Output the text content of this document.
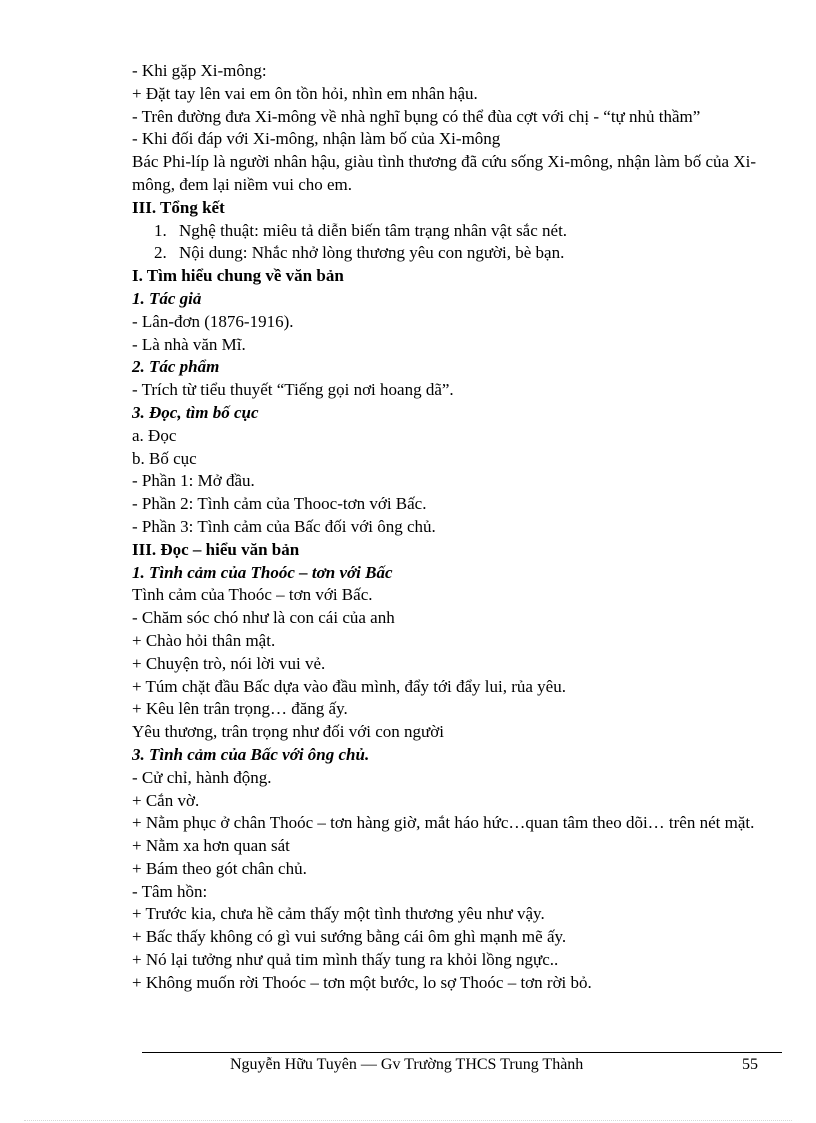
- Khi gặp Xi-mông:
+ Đặt tay lên vai em ôn tồn hỏi, nhìn em nhân hậu.
- Trên đường đưa Xi-mông về nhà nghĩ bụng có thể đùa cợt với chị - “tự nhủ thầm”
- Khi đối đáp với Xi-mông, nhận làm bố của Xi-mông
Bác Phi-líp là người nhân hậu, giàu tình thương đã cứu sống Xi-mông, nhận làm bố của Xi-mông, đem lại niềm vui cho em.
III. Tổng kết
1. Nghệ thuật: miêu tả diễn biến tâm trạng nhân vật sắc nét.
2. Nội dung: Nhắc nhở lòng thương yêu con người, bè bạn.
I. Tìm hiểu chung về văn bản
1. Tác giả
- Lân-đơn (1876-1916).
- Là nhà văn Mĩ.
2. Tác phẩm
- Trích từ tiểu thuyết “Tiếng gọi nơi hoang dã”.
3. Đọc, tìm bố cục
a. Đọc
b. Bố cục
- Phần 1: Mở đầu.
- Phần 2: Tình cảm của Thooc-tơn với Bấc.
- Phần 3: Tình cảm của Bấc đối với ông chủ.
III. Đọc – hiểu văn bản
1. Tình cảm của Thoóc – tơn với Bấc
Tình cảm của Thoóc – tơn với Bấc.
- Chăm sóc chó như là con cái của anh
+ Chào hỏi thân mật.
+ Chuyện trò, nói lời vui vẻ.
+ Túm chặt đầu Bấc dựa vào đầu mình, đẩy tới đẩy lui, rủa yêu.
+ Kêu lên trân trọng… đăng ấy.
Yêu thương, trân trọng như đối với con người
3. Tình cảm của Bấc với ông chủ.
- Cử chỉ, hành động.
+ Cắn vờ.
+ Nằm phục ở chân Thoóc – tơn hàng giờ, mắt háo hức…quan tâm theo dõi… trên nét mặt.
+ Nằm xa hơn quan sát
+ Bám theo gót chân chủ.
- Tâm hồn:
+ Trước kia, chưa hề cảm thấy một tình thương yêu như vậy.
+ Bấc thấy không có gì vui sướng bằng cái ôm ghì mạnh mẽ ấy.
+ Nó lại tưởng như quả tim mình thấy tung ra khỏi lồng ngực..
+ Không muốn rời Thoóc – tơn một bước, lo sợ Thoóc – tơn rời bỏ.
Nguyễn Hữu Tuyên — Gv Trường THCS Trung Thành	55
